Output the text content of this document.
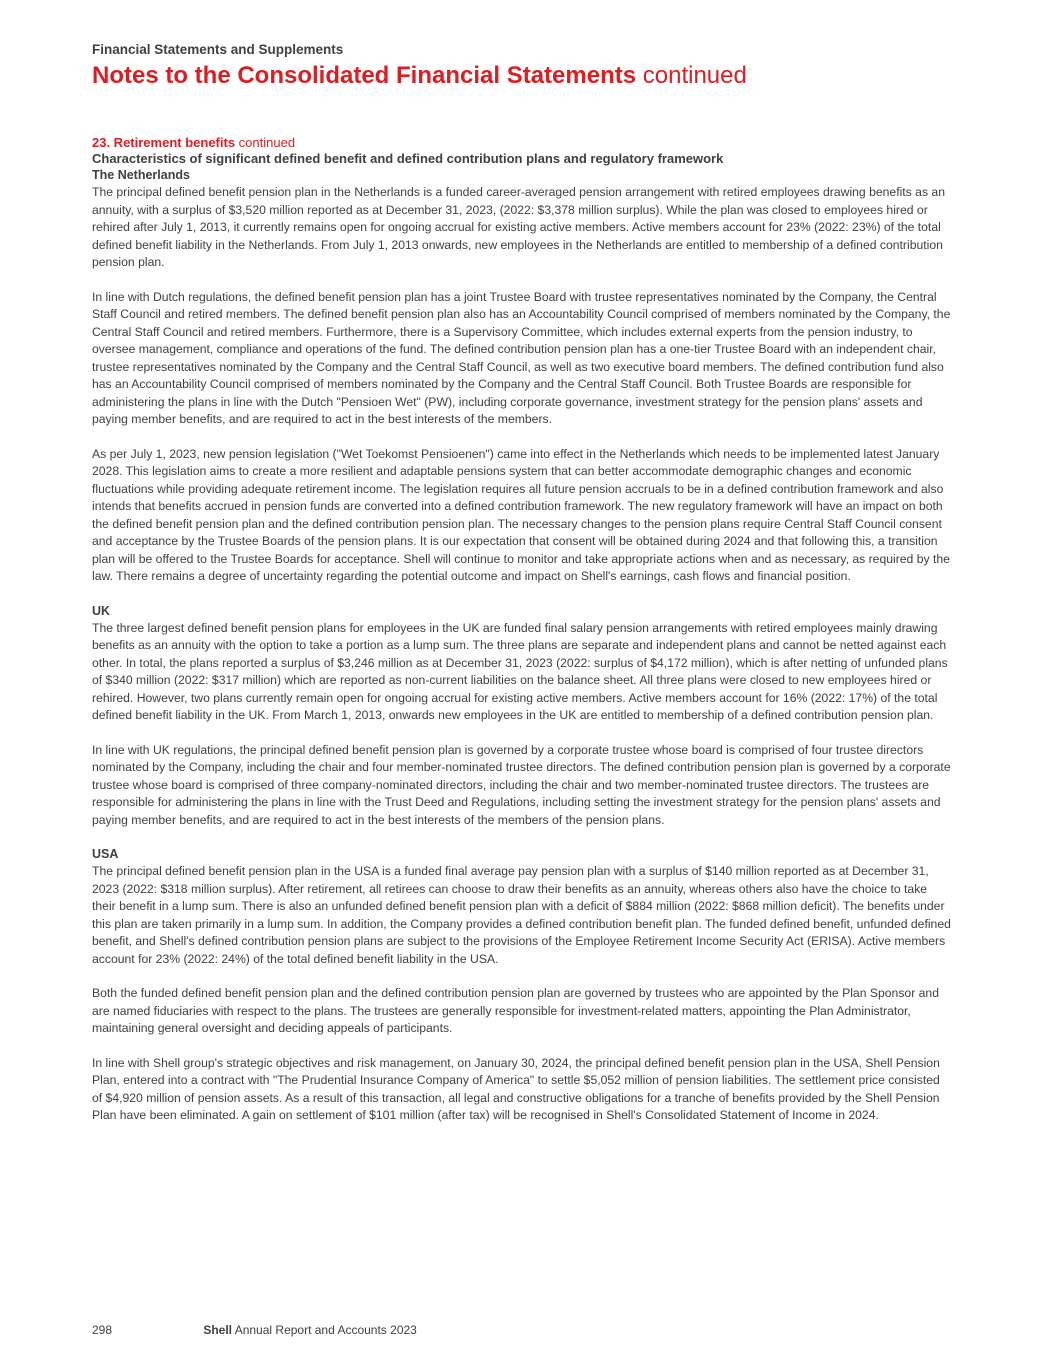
Financial Statements and Supplements
Notes to the Consolidated Financial Statements continued
23. Retirement benefits continued
Characteristics of significant defined benefit and defined contribution plans and regulatory framework
The Netherlands

The principal defined benefit pension plan in the Netherlands is a funded career-averaged pension arrangement with retired employees drawing benefits as an annuity, with a surplus of $3,520 million reported as at December 31, 2023, (2022: $3,378 million surplus). While the plan was closed to employees hired or rehired after July 1, 2013, it currently remains open for ongoing accrual for existing active members. Active members account for 23% (2022: 23%) of the total defined benefit liability in the Netherlands. From July 1, 2013 onwards, new employees in the Netherlands are entitled to membership of a defined contribution pension plan.

In line with Dutch regulations, the defined benefit pension plan has a joint Trustee Board with trustee representatives nominated by the Company, the Central Staff Council and retired members. The defined benefit pension plan also has an Accountability Council comprised of members nominated by the Company, the Central Staff Council and retired members. Furthermore, there is a Supervisory Committee, which includes external experts from the pension industry, to oversee management, compliance and operations of the fund. The defined contribution pension plan has a one-tier Trustee Board with an independent chair, trustee representatives nominated by the Company and the Central Staff Council, as well as two executive board members. The defined contribution fund also has an Accountability Council comprised of members nominated by the Company and the Central Staff Council. Both Trustee Boards are responsible for administering the plans in line with the Dutch "Pensioen Wet" (PW), including corporate governance, investment strategy for the pension plans' assets and paying member benefits, and are required to act in the best interests of the members.

As per July 1, 2023, new pension legislation ("Wet Toekomst Pensioenen") came into effect in the Netherlands which needs to be implemented latest January 2028. This legislation aims to create a more resilient and adaptable pensions system that can better accommodate demographic changes and economic fluctuations while providing adequate retirement income. The legislation requires all future pension accruals to be in a defined contribution framework and also intends that benefits accrued in pension funds are converted into a defined contribution framework. The new regulatory framework will have an impact on both the defined benefit pension plan and the defined contribution pension plan. The necessary changes to the pension plans require Central Staff Council consent and acceptance by the Trustee Boards of the pension plans. It is our expectation that consent will be obtained during 2024 and that following this, a transition plan will be offered to the Trustee Boards for acceptance. Shell will continue to monitor and take appropriate actions when and as necessary, as required by the law. There remains a degree of uncertainty regarding the potential outcome and impact on Shell's earnings, cash flows and financial position.

UK

The three largest defined benefit pension plans for employees in the UK are funded final salary pension arrangements with retired employees mainly drawing benefits as an annuity with the option to take a portion as a lump sum. The three plans are separate and independent plans and cannot be netted against each other. In total, the plans reported a surplus of $3,246 million as at December 31, 2023 (2022: surplus of $4,172 million), which is after netting of unfunded plans of $340 million (2022: $317 million) which are reported as non-current liabilities on the balance sheet. All three plans were closed to new employees hired or rehired. However, two plans currently remain open for ongoing accrual for existing active members. Active members account for 16% (2022: 17%) of the total defined benefit liability in the UK. From March 1, 2013, onwards new employees in the UK are entitled to membership of a defined contribution pension plan.

In line with UK regulations, the principal defined benefit pension plan is governed by a corporate trustee whose board is comprised of four trustee directors nominated by the Company, including the chair and four member-nominated trustee directors. The defined contribution pension plan is governed by a corporate trustee whose board is comprised of three company-nominated directors, including the chair and two member-nominated trustee directors. The trustees are responsible for administering the plans in line with the Trust Deed and Regulations, including setting the investment strategy for the pension plans' assets and paying member benefits, and are required to act in the best interests of the members of the pension plans.

USA

The principal defined benefit pension plan in the USA is a funded final average pay pension plan with a surplus of $140 million reported as at December 31, 2023 (2022: $318 million surplus). After retirement, all retirees can choose to draw their benefits as an annuity, whereas others also have the choice to take their benefit in a lump sum. There is also an unfunded defined benefit pension plan with a deficit of $884 million (2022: $868 million deficit). The benefits under this plan are taken primarily in a lump sum. In addition, the Company provides a defined contribution benefit plan. The funded defined benefit, unfunded defined benefit, and Shell's defined contribution pension plans are subject to the provisions of the Employee Retirement Income Security Act (ERISA). Active members account for 23% (2022: 24%) of the total defined benefit liability in the USA.

Both the funded defined benefit pension plan and the defined contribution pension plan are governed by trustees who are appointed by the Plan Sponsor and are named fiduciaries with respect to the plans. The trustees are generally responsible for investment-related matters, appointing the Plan Administrator, maintaining general oversight and deciding appeals of participants.

In line with Shell group's strategic objectives and risk management, on January 30, 2024, the principal defined benefit pension plan in the USA, Shell Pension Plan, entered into a contract with "The Prudential Insurance Company of America" to settle $5,052 million of pension liabilities. The settlement price consisted of $4,920 million of pension assets. As a result of this transaction, all legal and constructive obligations for a tranche of benefits provided by the Shell Pension Plan have been eliminated. A gain on settlement of $101 million (after tax) will be recognised in Shell's Consolidated Statement of Income in 2024.

298	Shell Annual Report and Accounts 2023
